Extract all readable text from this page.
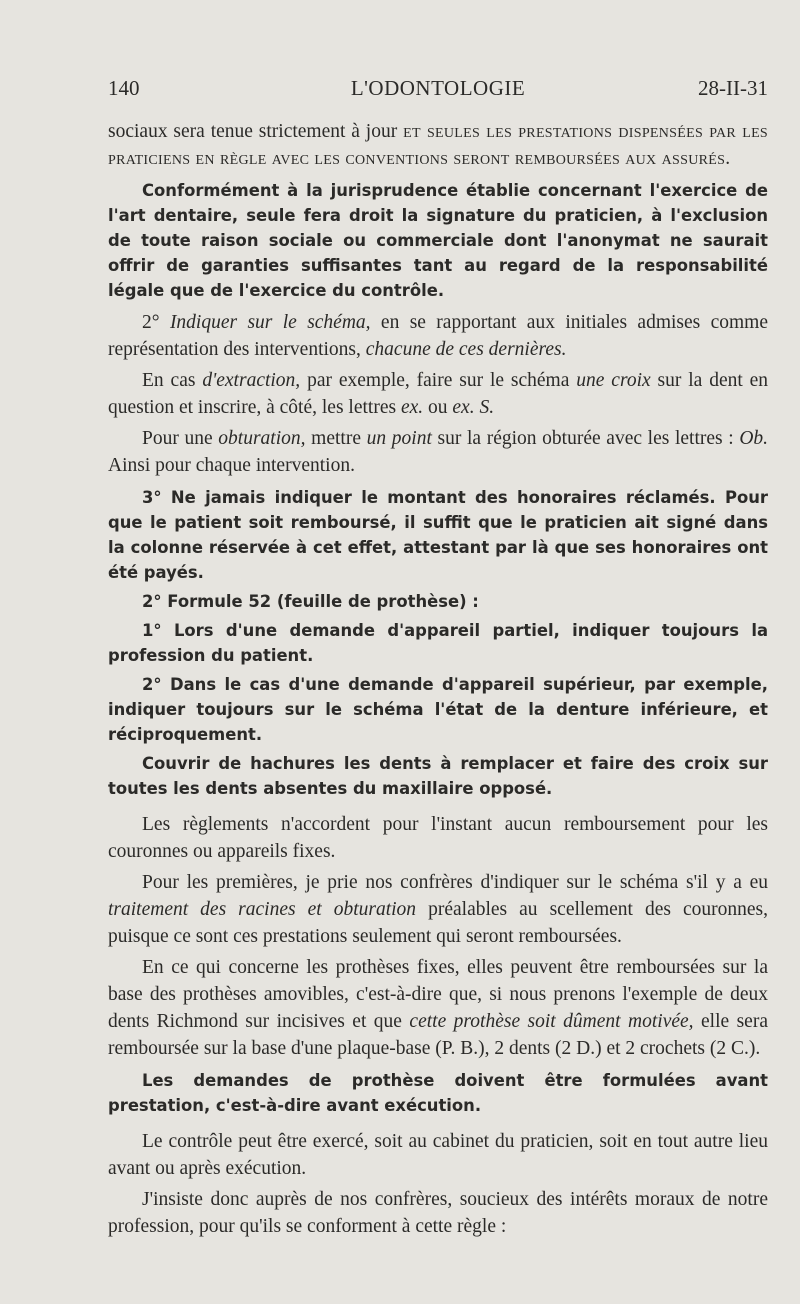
140	L'ODONTOLOGIE	28-II-31

sociaux sera tenue strictement à jour et seules les prestations dispensées par les praticiens en règle avec les conventions seront remboursées aux assurés.

Conformément à la jurisprudence établie concernant l'exercice de l'art dentaire, seule fera droit la signature du praticien, à l'exclusion de toute raison sociale ou commerciale dont l'anonymat ne saurait offrir de garanties suffisantes tant au regard de la responsabilité légale que de l'exercice du contrôle.

2° Indiquer sur le schéma, en se rapportant aux initiales admises comme représentation des interventions, chacune de ces dernières.

En cas d'extraction, par exemple, faire sur le schéma une croix sur la dent en question et inscrire, à côté, les lettres ex. ou ex. S.

Pour une obturation, mettre un point sur la région obturée avec les lettres : Ob. Ainsi pour chaque intervention.

3° Ne jamais indiquer le montant des honoraires réclamés. Pour que le patient soit remboursé, il suffit que le praticien ait signé dans la colonne réservée à cet effet, attestant par là que ses honoraires ont été payés.

2° Formule 52 (feuille de prothèse) :

1° Lors d'une demande d'appareil partiel, indiquer toujours la profession du patient.

2° Dans le cas d'une demande d'appareil supérieur, par exemple, indiquer toujours sur le schéma l'état de la denture inférieure, et réciproquement.

Couvrir de hachures les dents à remplacer et faire des croix sur toutes les dents absentes du maxillaire opposé.

Les règlements n'accordent pour l'instant aucun remboursement pour les couronnes ou appareils fixes.

Pour les premières, je prie nos confrères d'indiquer sur le schéma s'il y a eu traitement des racines et obturation préalables au scellement des couronnes, puisque ce sont ces prestations seulement qui seront remboursées.

En ce qui concerne les prothèses fixes, elles peuvent être remboursées sur la base des prothèses amovibles, c'est-à-dire que, si nous prenons l'exemple de deux dents Richmond sur incisives et que cette prothèse soit dûment motivée, elle sera remboursée sur la base d'une plaque-base (P. B.), 2 dents (2 D.) et 2 crochets (2 C.).

Les demandes de prothèse doivent être formulées avant prestation, c'est-à-dire avant exécution.

Le contrôle peut être exercé, soit au cabinet du praticien, soit en tout autre lieu avant ou après exécution.

J'insiste donc auprès de nos confrères, soucieux des intérêts moraux de notre profession, pour qu'ils se conforment à cette règle :
